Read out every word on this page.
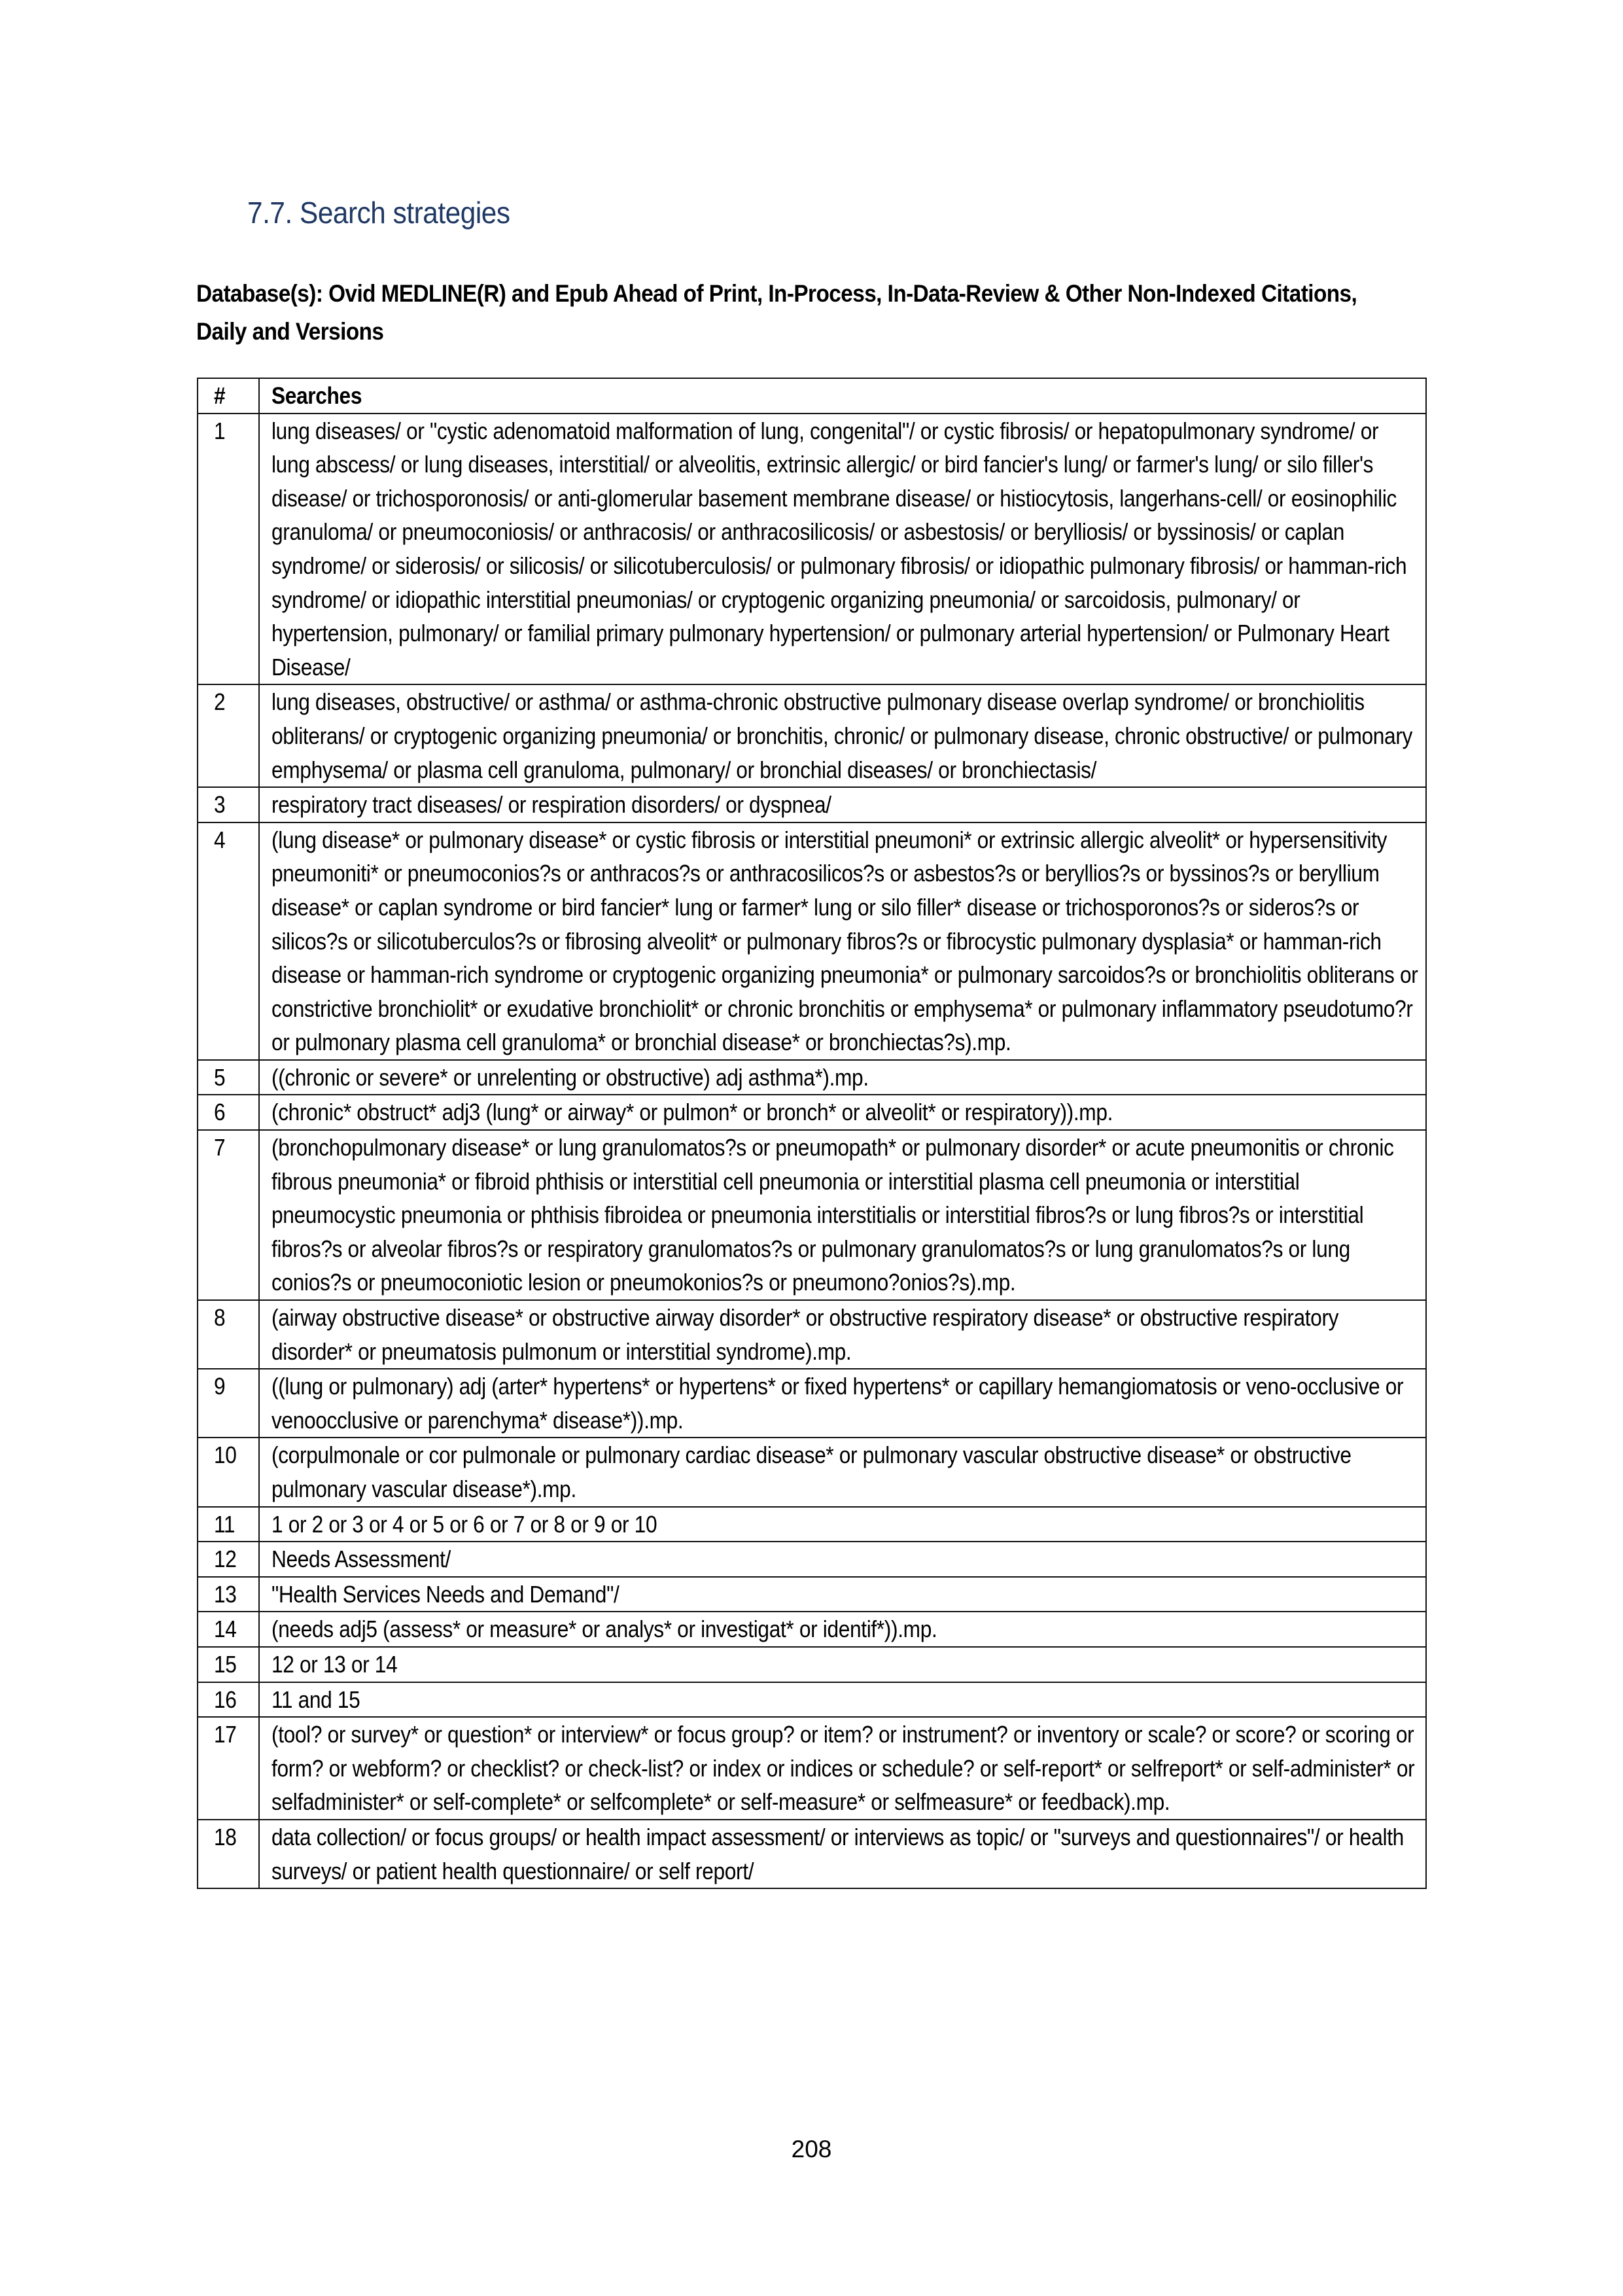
7.7. Search strategies
Database(s): Ovid MEDLINE(R) and Epub Ahead of Print, In-Process, In-Data-Review & Other Non-Indexed Citations, Daily and Versions
#	Searches

1	lung diseases/ or "cystic adenomatoid malformation of lung, congenital"/ or cystic fibrosis/ or hepatopulmonary syndrome/ or lung abscess/ or lung diseases, interstitial/ or alveolitis, extrinsic allergic/ or bird fancier's lung/ or farmer's lung/ or silo filler's disease/ or trichosporonosis/ or anti-glomerular basement membrane disease/ or histiocytosis, langerhans-cell/ or eosinophilic granuloma/ or pneumoconiosis/ or anthracosis/ or anthracosilicosis/ or asbestosis/ or berylliosis/ or byssinosis/ or caplan syndrome/ or siderosis/ or silicosis/ or silicotuberculosis/ or pulmonary fibrosis/ or idiopathic pulmonary fibrosis/ or hamman-rich syndrome/ or idiopathic interstitial pneumonias/ or cryptogenic organizing pneumonia/ or sarcoidosis, pulmonary/ or hypertension, pulmonary/ or familial primary pulmonary hypertension/ or pulmonary arterial hypertension/ or Pulmonary Heart Disease/

2	lung diseases, obstructive/ or asthma/ or asthma-chronic obstructive pulmonary disease overlap syndrome/ or bronchiolitis obliterans/ or cryptogenic organizing pneumonia/ or bronchitis, chronic/ or pulmonary disease, chronic obstructive/ or pulmonary emphysema/ or plasma cell granuloma, pulmonary/ or bronchial diseases/ or bronchiectasis/

3	respiratory tract diseases/ or respiration disorders/ or dyspnea/

4	(lung disease* or pulmonary disease* or cystic fibrosis or interstitial pneumoni* or extrinsic allergic alveolit* or hypersensitivity pneumoniti* or pneumoconios?s or anthracos?s or anthracosilicos?s or asbestos?s or beryllios?s or byssinos?s or beryllium disease* or caplan syndrome or bird fancier* lung or farmer* lung or silo filler* disease or trichosporonos?s or sideros?s or silicos?s or silicotuberculos?s or fibrosing alveolit* or pulmonary fibros?s or fibrocystic pulmonary dysplasia* or hamman-rich disease or hamman-rich syndrome or cryptogenic organizing pneumonia* or pulmonary sarcoidos?s or bronchiolitis obliterans or constrictive bronchiolit* or exudative bronchiolit* or chronic bronchitis or emphysema* or pulmonary inflammatory pseudotumo?r or pulmonary plasma cell granuloma* or bronchial disease* or bronchiectas?s).mp.

5	((chronic or severe* or unrelenting or obstructive) adj asthma*).mp.

6	(chronic* obstruct* adj3 (lung* or airway* or pulmon* or bronch* or alveolit* or respiratory)).mp.

7	(bronchopulmonary disease* or lung granulomatos?s or pneumopath* or pulmonary disorder* or acute pneumonitis or chronic fibrous pneumonia* or fibroid phthisis or interstitial cell pneumonia or interstitial plasma cell pneumonia or interstitial pneumocystic pneumonia or phthisis fibroidea or pneumonia interstitialis or interstitial fibros?s or lung fibros?s or interstitial fibros?s or alveolar fibros?s or respiratory granulomatos?s or pulmonary granulomatos?s or lung granulomatos?s or lung conios?s or pneumoconiotic lesion or pneumokonios?s or pneumono?onios?s).mp.

8	(airway obstructive disease* or obstructive airway disorder* or obstructive respiratory disease* or obstructive respiratory disorder* or pneumatosis pulmonum or interstitial syndrome).mp.

9	((lung or pulmonary) adj (arter* hypertens* or hypertens* or fixed hypertens* or capillary hemangiomatosis or veno-occlusive or venoocclusive or parenchyma* disease*)).mp.

10	(corpulmonale or cor pulmonale or pulmonary cardiac disease* or pulmonary vascular obstructive disease* or obstructive pulmonary vascular disease*).mp.

11	1 or 2 or 3 or 4 or 5 or 6 or 7 or 8 or 9 or 10

12	Needs Assessment/

13	"Health Services Needs and Demand"/

14	(needs adj5 (assess* or measure* or analys* or investigat* or identif*)).mp.

15	12 or 13 or 14

16	11 and 15

17	(tool? or survey* or question* or interview* or focus group? or item? or instrument? or inventory or scale? or score? or scoring or form? or webform? or checklist? or check-list? or index or indices or schedule? or self-report* or selfreport* or self-administer* or selfadminister* or self-complete* or selfcomplete* or self-measure* or selfmeasure* or feedback).mp.

18	data collection/ or focus groups/ or health impact assessment/ or interviews as topic/ or "surveys and questionnaires"/ or health surveys/ or patient health questionnaire/ or self report/
208
